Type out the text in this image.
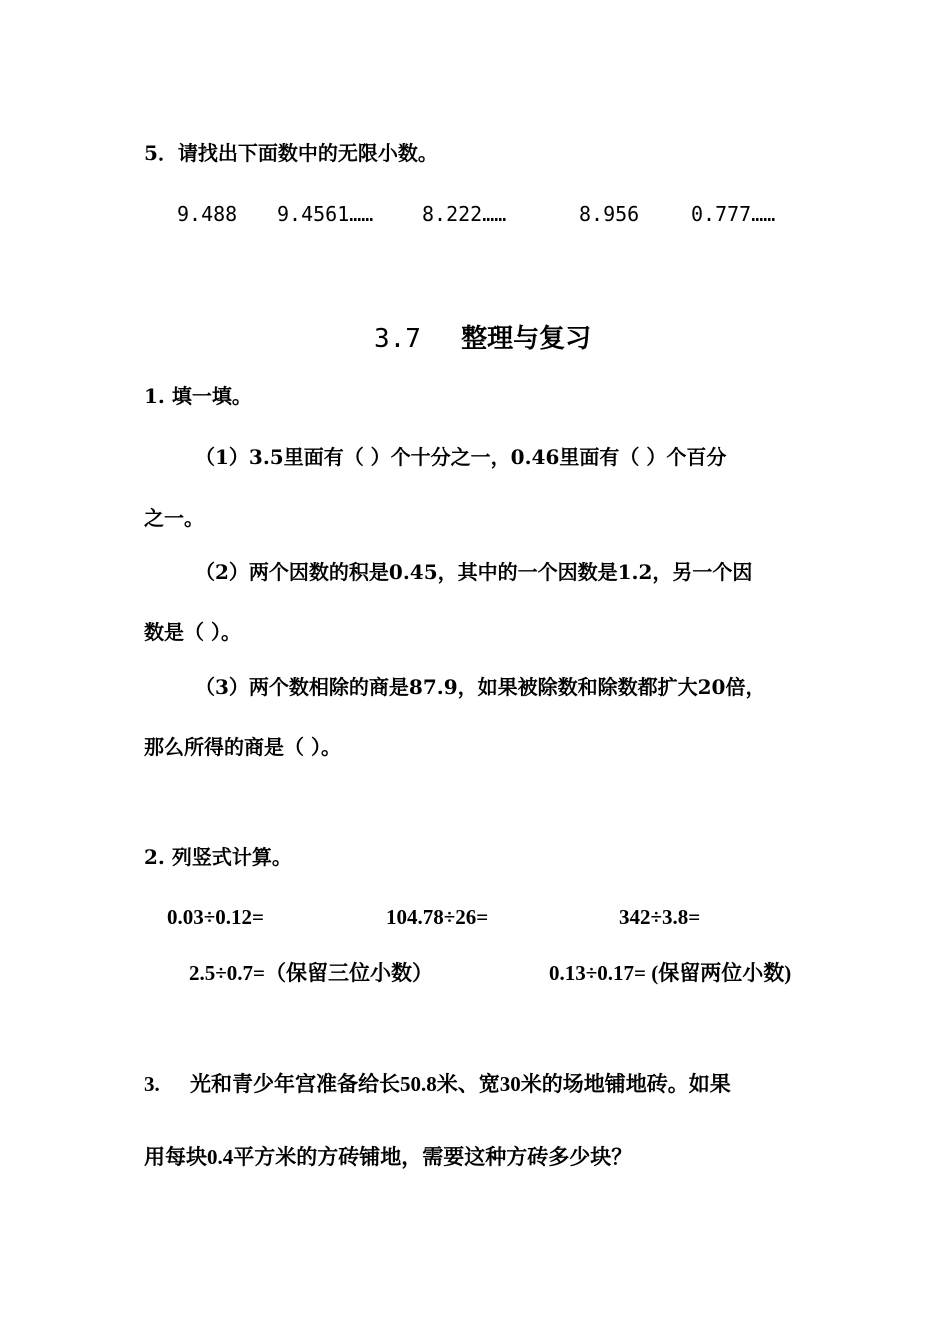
5．请找出下面数中的无限小数。
9.488 9.4561…… 8.222……	8.956	0.777……
3.7 整理与复习
1. 填一填。
（1）3.5里面有（ ）个十分之一，0.46里面有（ ）个百分
之一。
（2）两个因数的积是0.45，其中的一个因数是1.2，另一个因
数是（ ）。
（3）两个数相除的商是87.9，如果被除数和除数都扩大20倍，
那么所得的商是（ ）。
2. 列竖式计算。
0.03÷0.12=	104.78÷26=	342÷3.8=
2.5÷0.7=（保留三位小数）	0.13÷0.17= (保留两位小数)
3. 光和青少年宫准备给长50.8米、宽30米的场地铺地砖。如果
用每块0.4平方米的方砖铺地，需要这种方砖多少块？
